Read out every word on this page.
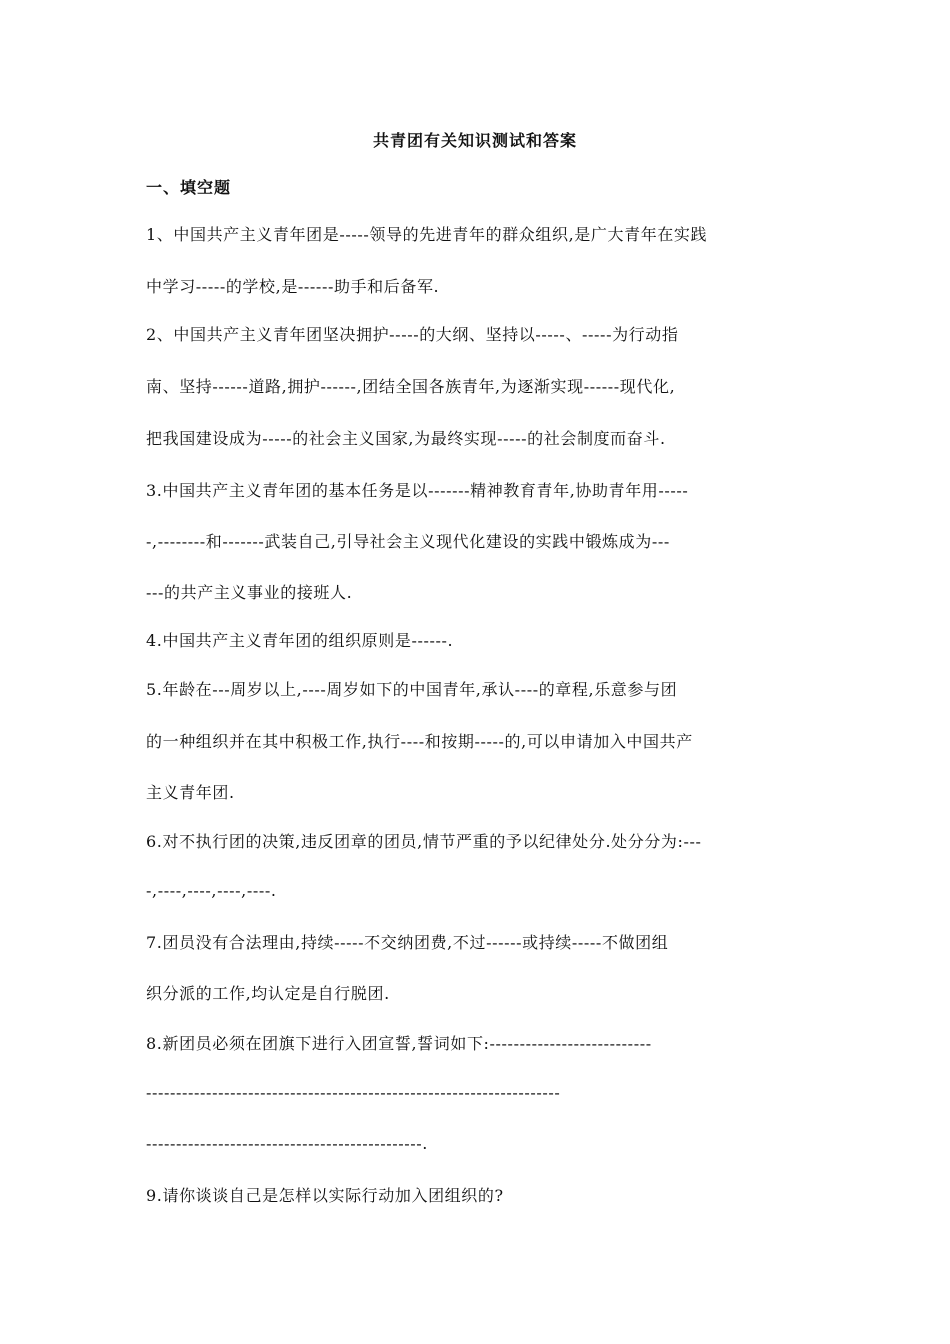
共青团有关知识测试和答案
一、填空题
1、中国共产主义青年团是-----领导的先进青年的群众组织,是广大青年在实践
中学习-----的学校,是------助手和后备军.
2、中国共产主义青年团坚决拥护-----的大纲、坚持以-----、-----为行动指
南、坚持------道路,拥护------,团结全国各族青年,为逐渐实现------现代化,
把我国建设成为-----的社会主义国家,为最终实现-----的社会制度而奋斗.
3.中国共产主义青年团的基本任务是以-------精神教育青年,协助青年用-----
-,--------和-------武装自己,引导社会主义现代化建设的实践中锻炼成为---
---的共产主义事业的接班人.
4.中国共产主义青年团的组织原则是------.
5.年龄在---周岁以上,----周岁如下的中国青年,承认----的章程,乐意参与团
的一种组织并在其中积极工作,执行----和按期-----的,可以申请加入中国共产
主义青年团.
6.对不执行团的决策,违反团章的团员,情节严重的予以纪律处分.处分分为:---
-,----,----,----,----.
7.团员没有合法理由,持续-----不交纳团费,不过------或持续-----不做团组
织分派的工作,均认定是自行脱团.
8.新团员必须在团旗下进行入团宣誓,誓词如下:---------------------------
---------------------------------------------------------------------
----------------------------------------------.
9.请你谈谈自己是怎样以实际行动加入团组织的?
